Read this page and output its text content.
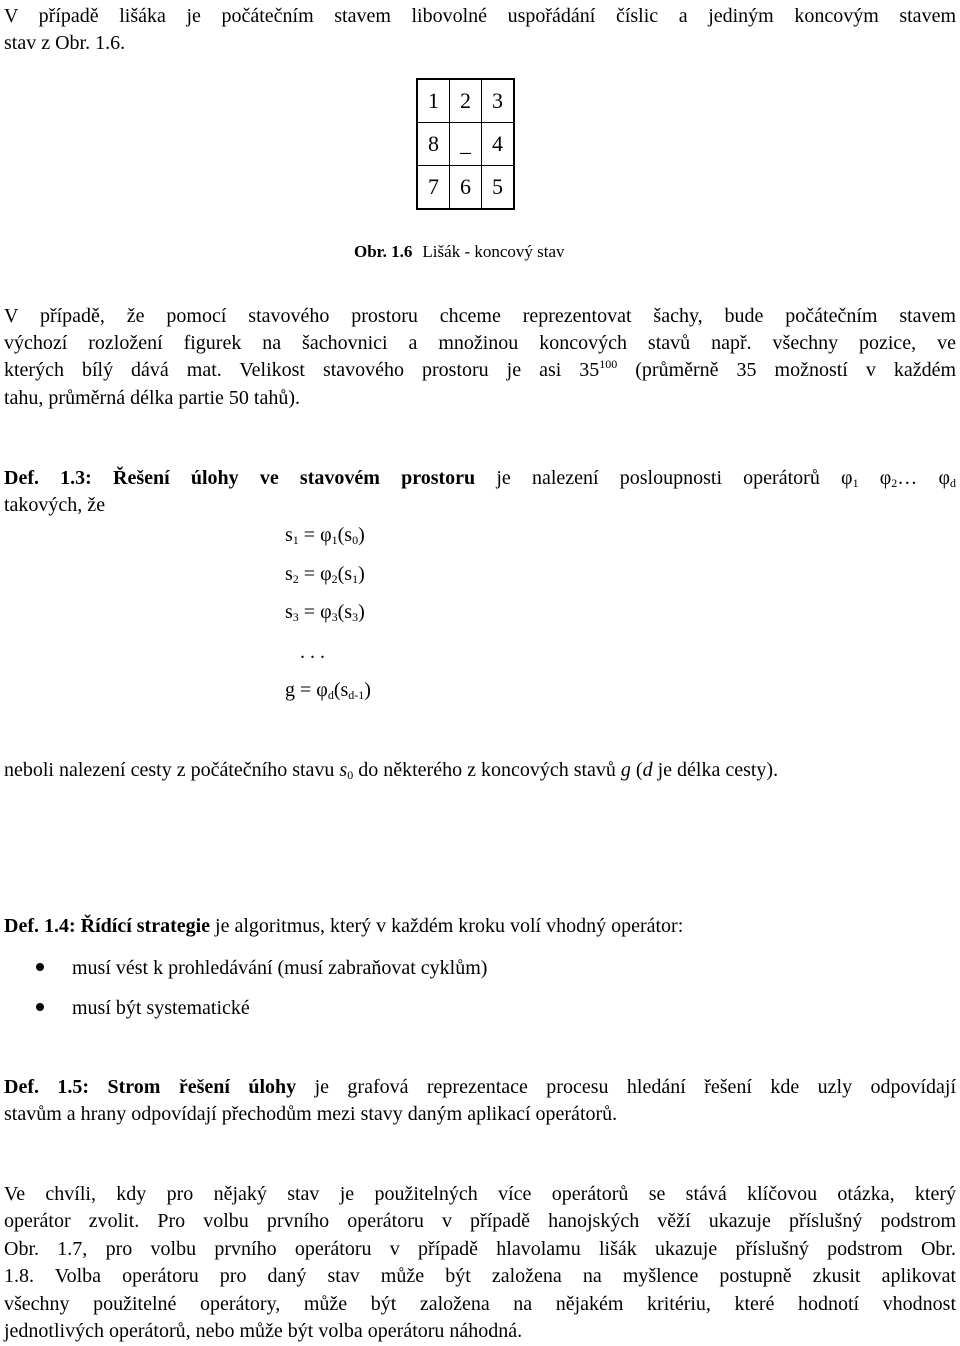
V případě lišáka je počátečním stavem libovolné uspořádání číslic a jediným koncovým stavem
stav z Obr. 1.6.
1	2	3
8	_	4
7	6	5
Obr. 1.6 Lišák - koncový stav
V případě, že pomocí stavového prostoru chceme reprezentovat šachy, bude počátečním stavem
výchozí rozložení figurek na šachovnici a množinou koncových stavů např. všechny pozice, ve
kterých bílý dává mat. Velikost stavového prostoru je asi $35^{100}$ (průměrně 35 možností v každém
tahu, průměrná délka partie 50 tahů).
Def. 1.3: Řešení úlohy ve stavovém prostoru je nalezení posloupnosti operátorů $\varphi_1$ $\varphi_2\dots$ $\varphi_d$
takových, že
$s_1 = \varphi_1(s_0)$
$s_2 = \varphi_2(s_1)$
$s_3 = \varphi_3(s_3)$
. . .
$g = \varphi_d(s_{d-1})$
neboli nalezení cesty z počátečního stavu $s_0$ do některého z koncových stavů g (d je délka cesty).
Def. 1.4: Řídící strategie je algoritmus, který v každém kroku volí vhodný operátor:
musí vést k prohledávání (musí zabraňovat cyklům)
musí být systematické
Def. 1.5: Strom řešení úlohy je grafová reprezentace procesu hledání řešení kde uzly odpovídají
stavům a hrany odpovídají přechodům mezi stavy daným aplikací operátorů.
Ve chvíli, kdy pro nějaký stav je použitelných více operátorů se stává klíčovou otázka, který
operátor zvolit. Pro volbu prvního operátoru v případě hanojských věží ukazuje příslušný podstrom
Obr. 1.7, pro volbu prvního operátoru v případě hlavolamu lišák ukazuje příslušný podstrom Obr.
1.8. Volba operátoru pro daný stav může být založena na myšlence postupně zkusit aplikovat
všechny použitelné operátory, může být založena na nějakém kritériu, které hodnotí vhodnost
jednotlivých operátorů, nebo může být volba operátoru náhodná.
